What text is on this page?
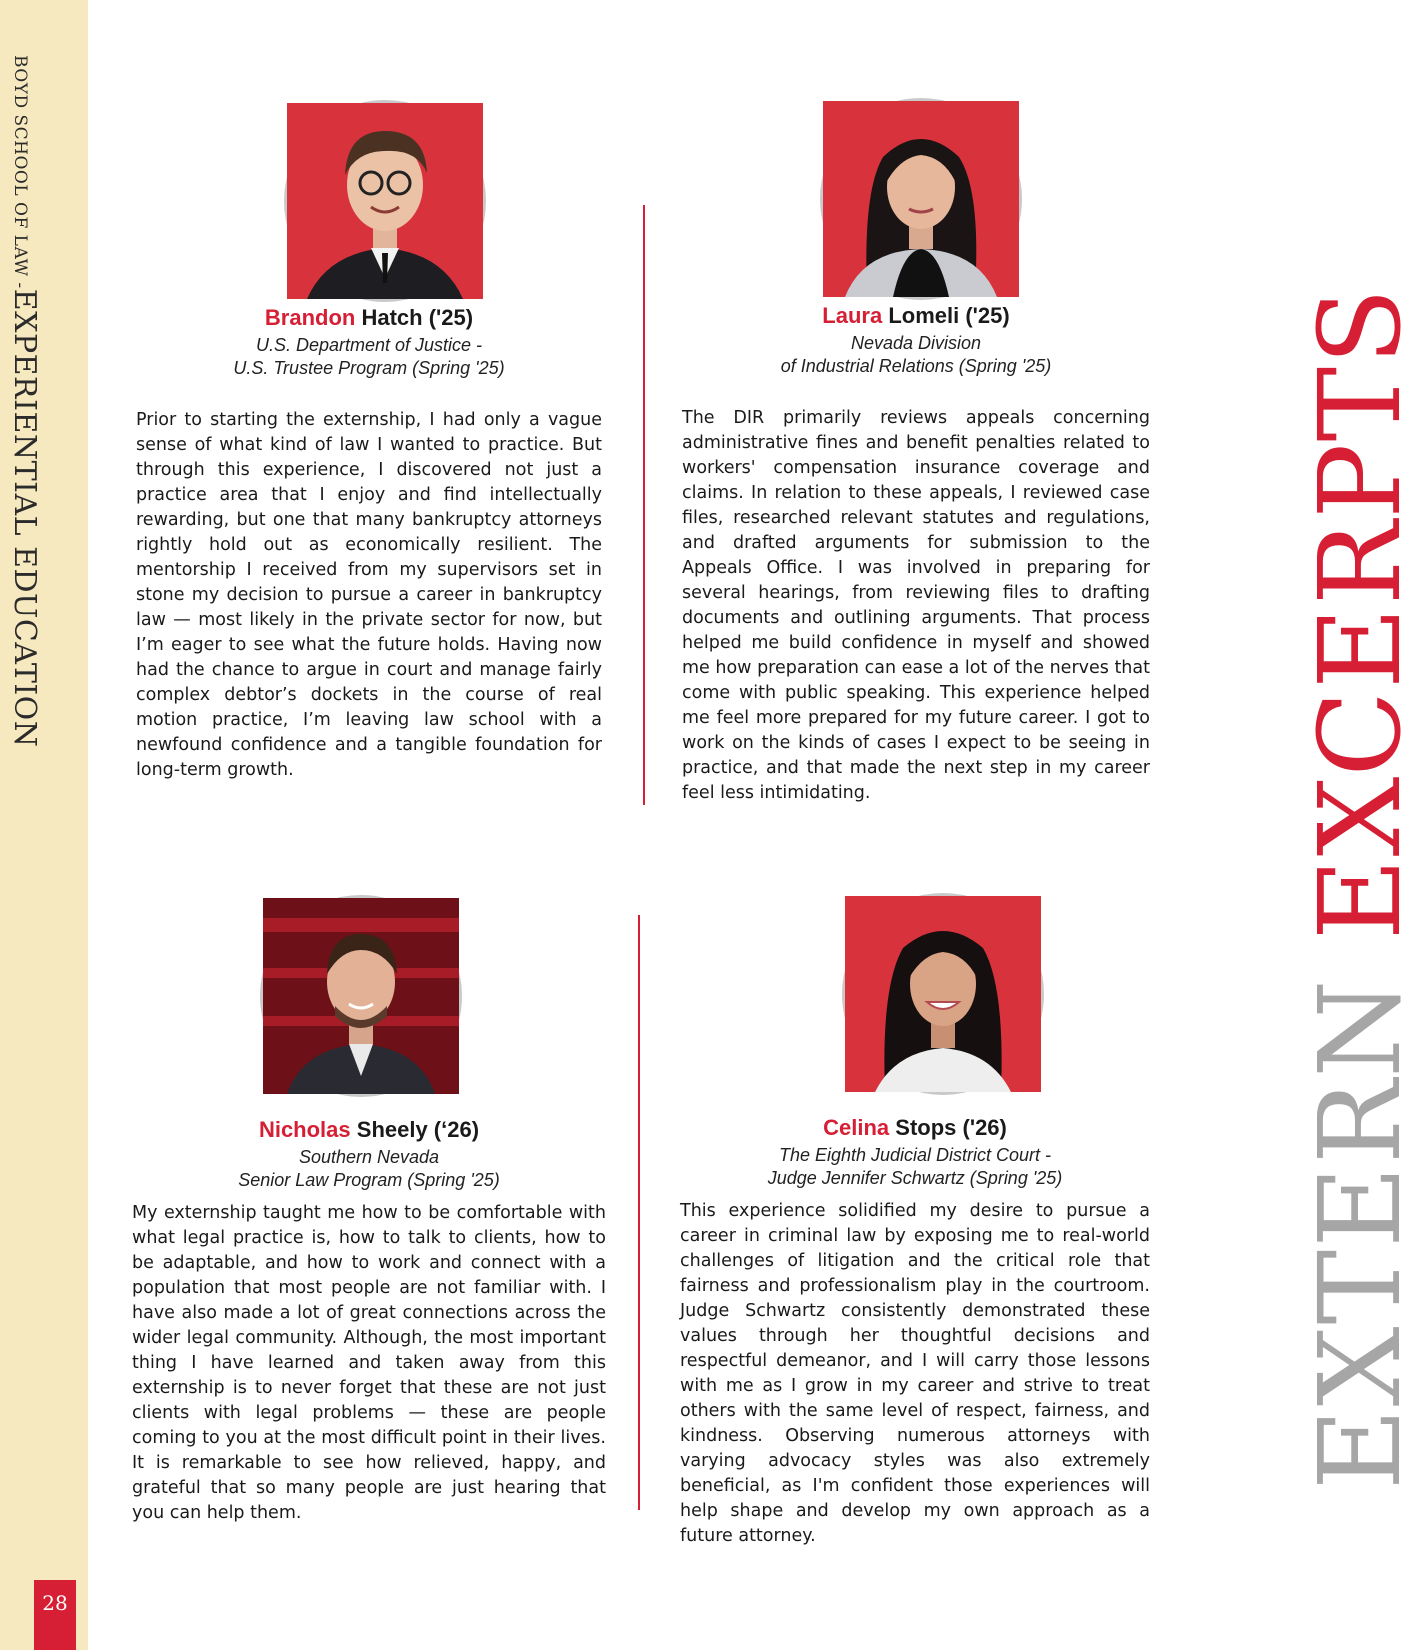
BOYD SCHOOL OF LAW -EXPERIENTIAL EDUCATION
28
EXTERN EXCERPTS
Brandon Hatch ('25)
U.S. Department of Justice -
U.S. Trustee Program (Spring '25)
Prior to starting the externship, I had only a vague sense of what kind of law I wanted to practice. But through this experience, I discovered not just a practice area that I enjoy and find intellectually rewarding, but one that many bankruptcy attorneys rightly hold out as economically resilient. The mentorship I received from my supervisors set in stone my decision to pursue a career in bankruptcy law — most likely in the private sector for now, but I’m eager to see what the future holds. Having now had the chance to argue in court and manage fairly complex debtor’s dockets in the course of real motion practice, I’m leaving law school with a newfound confidence and a tangible foundation for long-term growth.
Laura Lomeli ('25)
Nevada Division
of Industrial Relations (Spring '25)
The DIR primarily reviews appeals concerning administrative fines and benefit penalties related to workers' compensation insurance coverage and claims. In relation to these appeals, I reviewed case files, researched relevant statutes and regulations, and drafted arguments for submission to the Appeals Office. I was involved in preparing for several hearings, from reviewing files to drafting documents and outlining arguments. That process helped me build confidence in myself and showed me how preparation can ease a lot of the nerves that come with public speaking. This experience helped me feel more prepared for my future career. I got to work on the kinds of cases I expect to be seeing in practice, and that made the next step in my career feel less intimidating.
Nicholas Sheely (‘26)
Southern Nevada
Senior Law Program (Spring '25)
My externship taught me how to be comfortable with what legal practice is, how to talk to clients, how to be adaptable, and how to work and connect with a population that most people are not familiar with. I have also made a lot of great connections across the wider legal community. Although, the most important thing I have learned and taken away from this externship is to never forget that these are not just clients with legal problems — these are people coming to you at the most difficult point in their lives. It is remarkable to see how relieved, happy, and grateful that so many people are just hearing that you can help them.
Celina Stops ('26)
The Eighth Judicial District Court -
Judge Jennifer Schwartz (Spring '25)
This experience solidified my desire to pursue a career in criminal law by exposing me to real-world challenges of litigation and the critical role that fairness and professionalism play in the courtroom. Judge Schwartz consistently demonstrated these values through her thoughtful decisions and respectful demeanor, and I will carry those lessons with me as I grow in my career and strive to treat others with the same level of respect, fairness, and kindness. Observing numerous attorneys with varying advocacy styles was also extremely beneficial, as I'm confident those experiences will help shape and develop my own approach as a future attorney.
